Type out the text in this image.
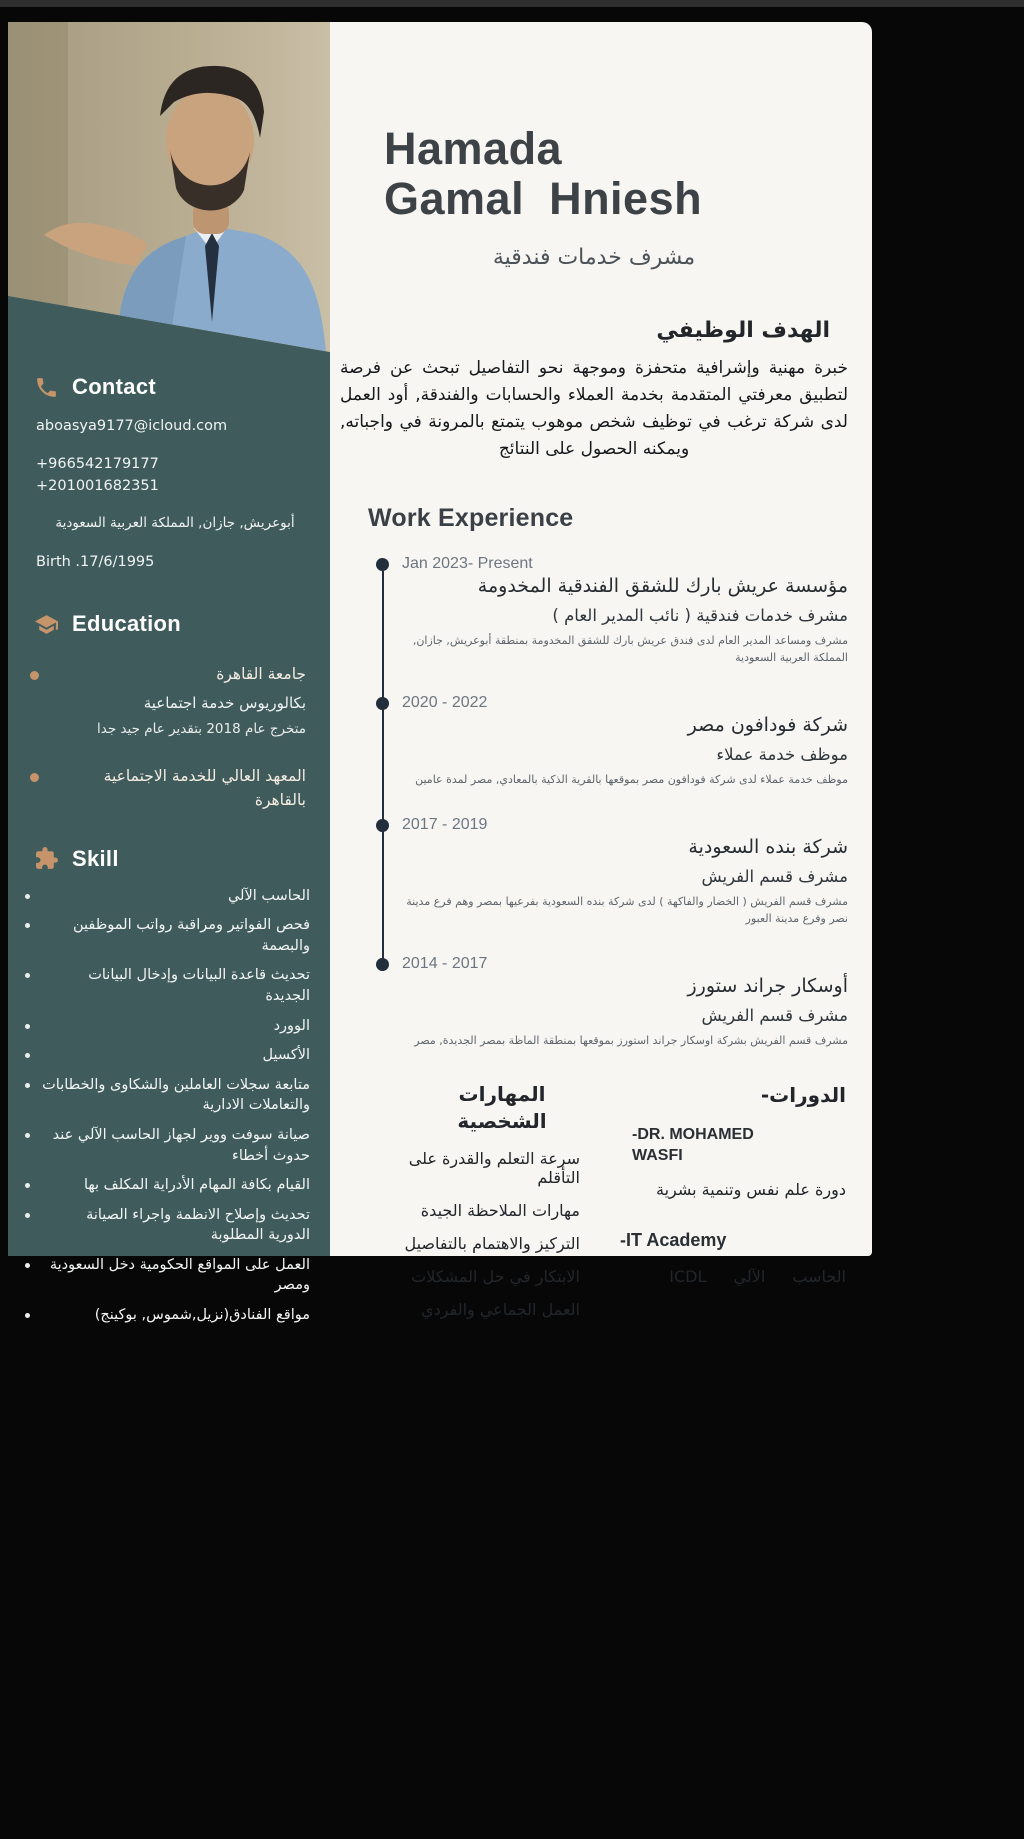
Contact

aboasya9177@icloud.com

+966542179177

+201001682351

أبوعريش, جازان, المملكة العربية السعودية

Birth .17/6/1995

Education
جامعة القاهرة
بكالوريوس خدمة اجتماعية
متخرج عام 2018 بتقدير عام جيد جدا
المعهد العالي للخدمة الاجتماعية بالقاهرة
Skill
الحاسب الآلي
فحص الفواتير ومراقبة رواتب الموظفين والبصمة
تحديث قاعدة البيانات وإدخال البيانات الجديدة
الوورد
الأكسيل
متابعة سجلات العاملين والشكاوى والخطابات والتعاملات الادارية
صيانة سوفت ووير لجهاز الحاسب الآلي عند حدوث أخطاء
القيام بكافة المهام الأدراية المكلف بها
تحديث وإصلاح الانظمة واجراء الصيانة الدورية المطلوبة
العمل على المواقع الحكومية دخل السعودية ومصر
مواقع الفنادق(نزيل,شموس, بوكينج)
Hamada
Gamal Hniesh
مشرف خدمات فندقية
الهدف الوظيفي

خبرة مهنية وإشرافية متحفزة وموجهة نحو التفاصيل تبحث عن فرصة لتطبيق معرفتي المتقدمة بخدمة العملاء والحسابات والفندقة, أود العمل لدى شركة ترغب في توظيف شخص موهوب يتمتع بالمرونة في واجباته, ويمكنه الحصول على النتائج

Work Experience
Jan 2023- Present
مؤسسة عريش بارك للشقق الفندقية المخدومة
مشرف خدمات فندقية ( نائب المدير العام )
مشرف ومساعد المدير العام لدى فندق عريش بارك للشقق المخدومة بمنطقة أبوعريش, جازان, المملكة العربية السعودية
2020 - 2022
شركة فودافون مصر
موظف خدمة عملاء
موظف خدمة عملاء لدى شركة فودافون مصر بموقعها بالقرية الذكية بالمعادي, مصر لمدة عامين
2017 - 2019
شركة بنده السعودية
مشرف قسم الفريش
مشرف قسم الفريش ( الخضار والفاكهة ) لدى شركة بنده السعودية بفرعيها بمصر وهم فرع مدينة نصر وفرع مدينة العبور
2014 - 2017
أوسكار جراند ستورز
مشرف قسم الفريش
مشرف قسم الفريش بشركة اوسكار جراند استورز بموقعها بمنطقة الماظة بمصر الجديدة, مصر
المهارات الشخصية
سرعة التعلم والقدرة على التأقلم
مهارات الملاحظة الجيدة
التركيز والاهتمام بالتفاصيل
الابتكار في حل المشكلات
العمل الجماعي والفردي
-الدورات
-DR. MOHAMED WASFI
دورة علم نفس وتنمية بشرية
-IT Academy
الحاسب الآلي ICDL
